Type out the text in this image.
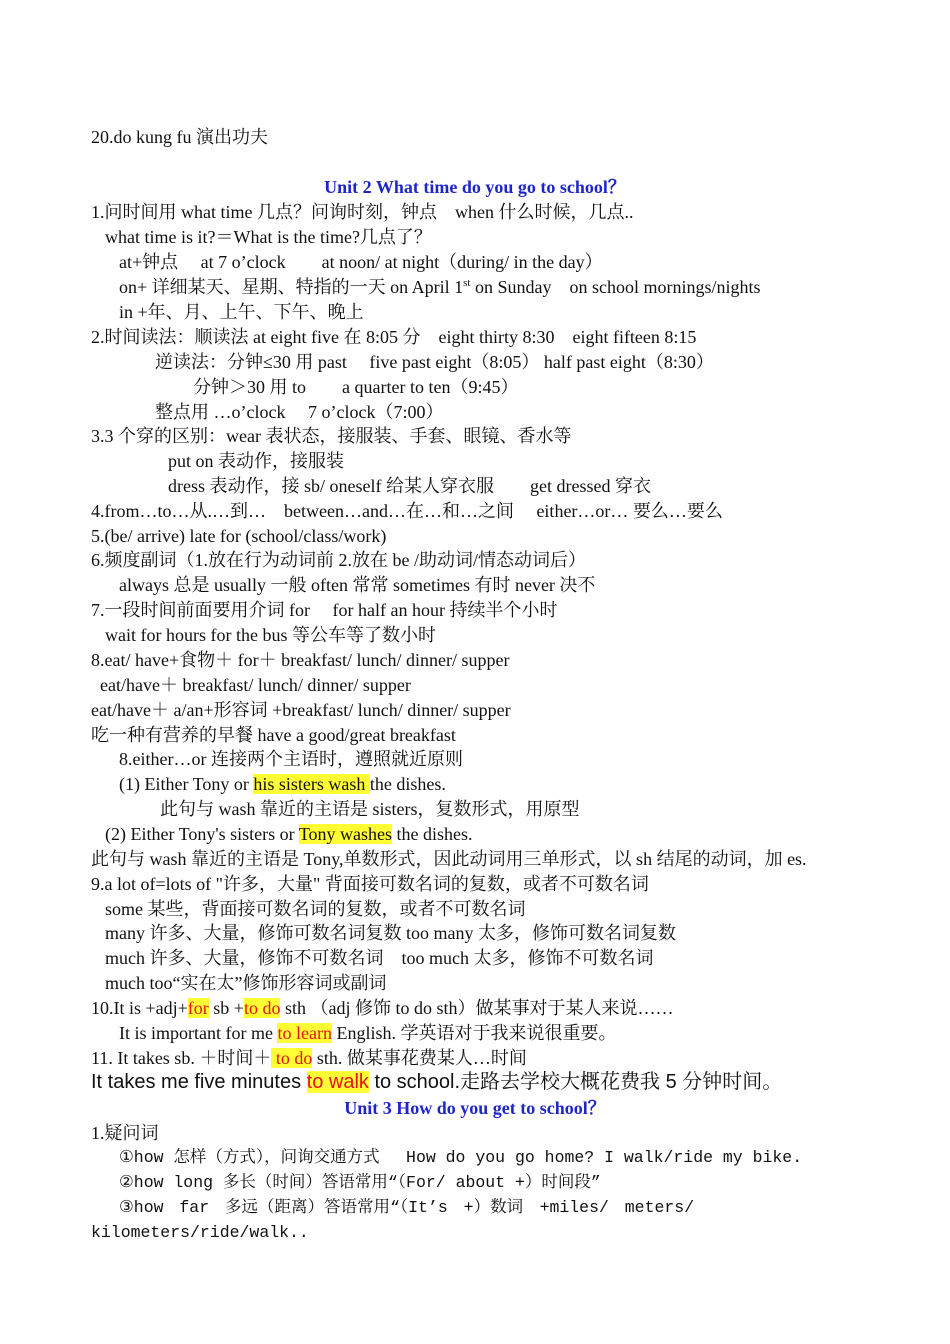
20.do kung fu 演出功夫
Unit 2 What time do you go to school？
1.问时间用 what time 几点？问询时刻，钟点　when 什么时候，几点..
what time is it?＝What is the time?几点了？
at+钟点　 at 7 o’clock　　at noon/ at night（during/ in the day）
on+ 详细某天、星期、特指的一天 on April 1st on Sunday　on school mornings/nights
in +年、月、上午、下午、晚上
2.时间读法：顺读法 at eight five 在 8:05 分　eight thirty 8:30　eight fifteen 8:15
逆读法：分钟≤30 用 past　 five past eight（8:05） half past eight（8:30）
分钟＞30 用 to　　a quarter to ten（9:45）
整点用 …o’clock　 7 o’clock（7:00）
3.3 个穿的区别：wear 表状态，接服装、手套、眼镜、香水等
put on 表动作，接服装
dress 表动作，接 sb/ oneself 给某人穿衣服　　get dressed 穿衣
4.from…to…从.…到…　between…and…在…和…之间　 either…or… 要么…要么
5.(be/ arrive) late for (school/class/work)
6.频度副词（1.放在行为动词前 2.放在 be /助动词/情态动词后）
always 总是 usually 一般 often 常常 sometimes 有时 never 决不
7.一段时间前面要用介词 for　 for half an hour 持续半个小时
wait for hours for the bus 等公车等了数小时
8.eat/ have+食物＋ for＋ breakfast/ lunch/ dinner/ supper
eat/have＋ breakfast/ lunch/ dinner/ supper
eat/have＋ a/an+形容词 +breakfast/ lunch/ dinner/ supper
吃一种有营养的早餐 have a good/great breakfast
8.either…or 连接两个主语时，遵照就近原则
(1) Either Tony or his sisters wash the dishes.
此句与 wash 靠近的主语是 sisters，复数形式，用原型
(2) Either Tony's sisters or Tony washes the dishes.
此句与 wash 靠近的主语是 Tony,单数形式，因此动词用三单形式，以 sh 结尾的动词，加 es.
9.a lot of=lots of "许多，大量" 背面接可数名词的复数，或者不可数名词
some 某些，背面接可数名词的复数，或者不可数名词
many 许多、大量，修饰可数名词复数 too many 太多，修饰可数名词复数
much 许多、大量，修饰不可数名词　too much 太多，修饰不可数名词
much too“实在太”修饰形容词或副词
10.It is +adj+for sb +to do sth （adj 修饰 to do sth）做某事对于某人来说……
It is important for me to learn English. 学英语对于我来说很重要。
11. It takes sb. ＋时间＋ to do sth. 做某事花费某人…时间
It takes me five minutes to walk to school.走路去学校大概花费我 5 分钟时间。
Unit 3 How do you get to school？
1.疑问词
①how 怎样（方式），问询交通方式　 How do you go home? I walk/ride my bike.
②how long 多长（时间）答语常用“（For/ about +）时间段”
③how far 多远（距离）答语常用“（It’s +）数词　+miles/ meters/
kilometers/ride/walk..
